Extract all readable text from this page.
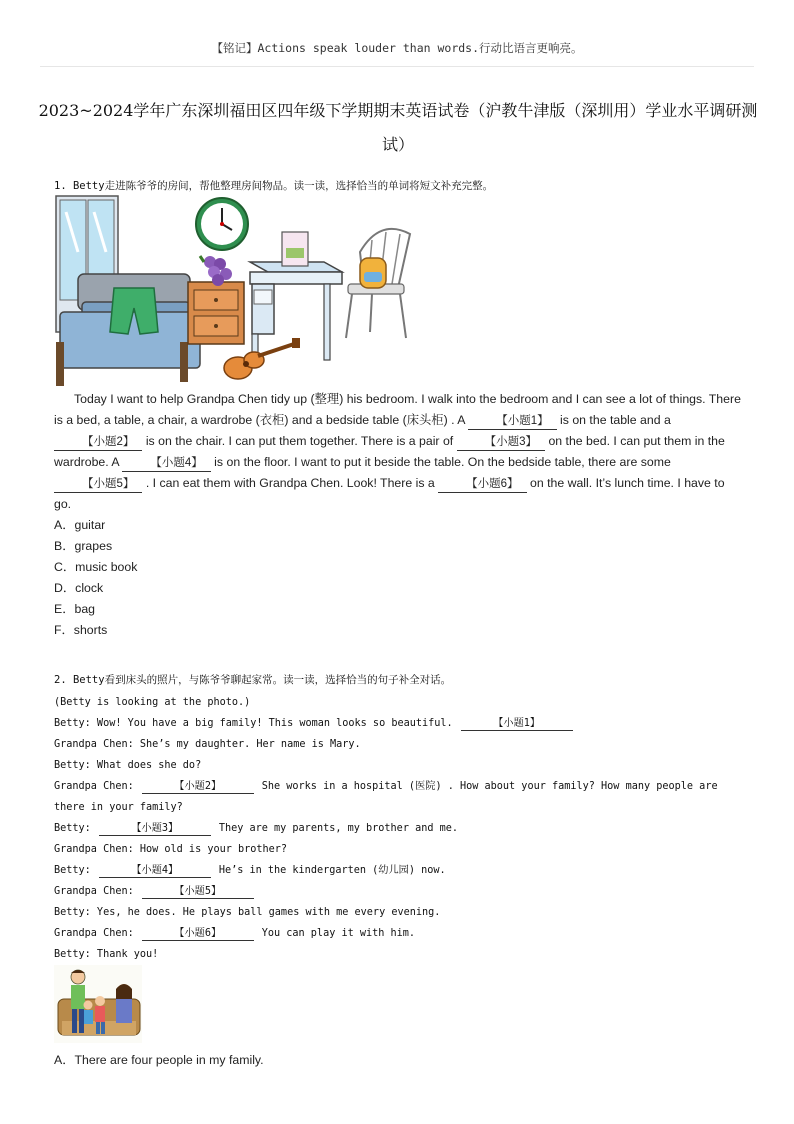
【铭记】Actions speak louder than words.行动比语言更响亮。
2023~2024学年广东深圳福田区四年级下学期期末英语试卷（沪教牛津版（深圳用）学业水平调研测试）
1. Betty走进陈爷爷的房间，帮他整理房间物品。读一读，选择恰当的单词将短文补充完整。

Today I want to help Grandpa Chen tidy up (整理) his bedroom. I walk into the bedroom and I can see a lot of things. There is a bed, a table, a chair, a wardrobe (衣柜) and a bedside table (床头柜) . A 【小题1】 is on the table and a 【小题2】 is on the chair. I can put them together. There is a pair of 【小题3】 on the bed. I can put them in the wardrobe. A 【小题4】 is on the floor. I want to put it beside the table. On the bedside table, there are some 【小题5】 . I can eat them with Grandpa Chen. Look! There is a 【小题6】 on the wall. It’s lunch time. I have to go.

A．guitar
B．grapes
C．music book
D．clock
E．bag
F．shorts
2. Betty看到床头的照片，与陈爷爷聊起家常。读一读，选择恰当的句子补全对话。
(Betty is looking at the photo.)
Betty: Wow! You have a big family! This woman looks so beautiful.	【小题1】
Grandpa Chen: She’s my daughter. Her name is Mary.
Betty: What does she do?
Grandpa Chen:	【小题2】	She works in a hospital (医院) . How about your family? How many people are
there in your family?
Betty:	【小题3】	They are my parents, my brother and me.
Grandpa Chen: How old is your brother?
Betty:	【小题4】	He’s in the kindergarten (幼儿园) now.
Grandpa Chen:	【小题5】
Betty: Yes, he does. He plays ball games with me every evening.
Grandpa Chen:	【小题6】	You can play it with him.
Betty: Thank you!
A．There are four people in my family.
